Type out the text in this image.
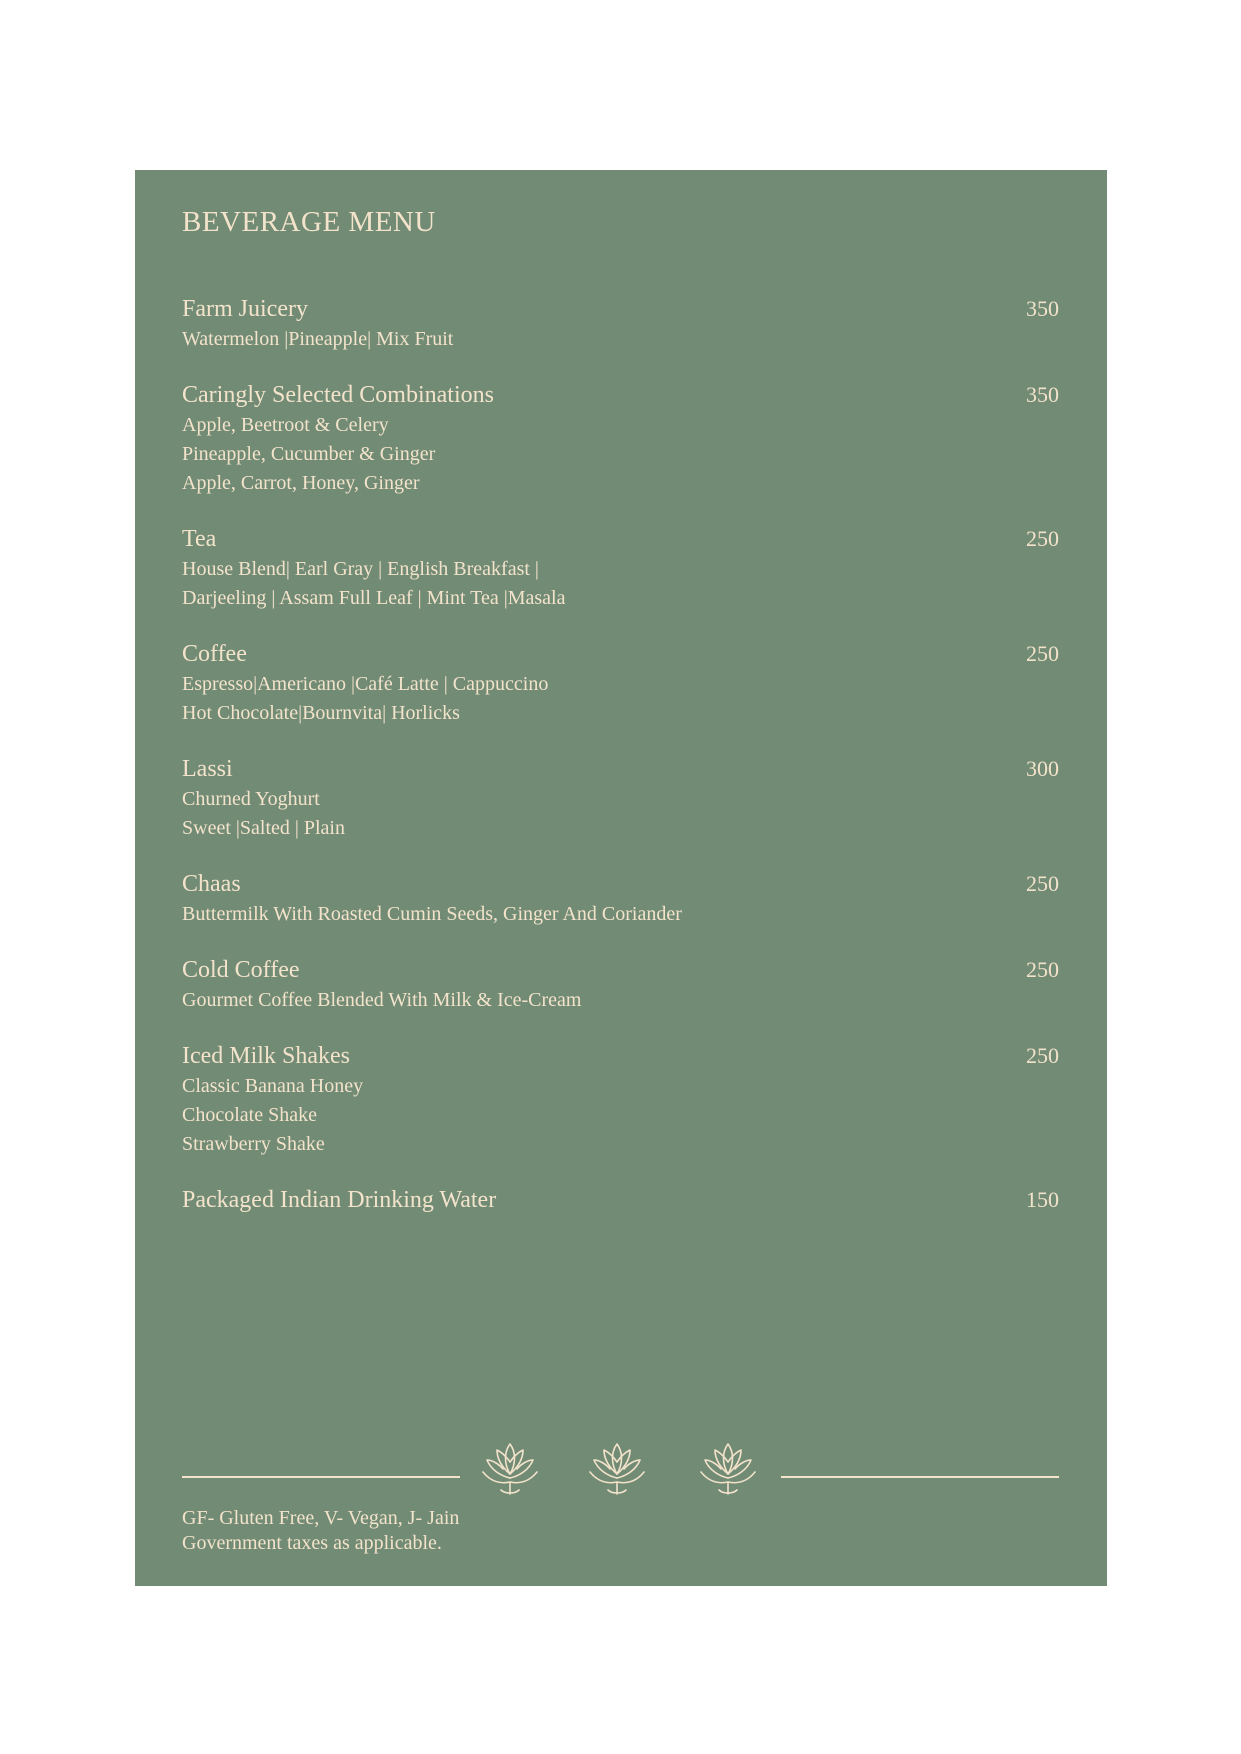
BEVERAGE MENU
Farm Juicery	350
Watermelon |Pineapple| Mix Fruit
Caringly Selected Combinations	350
Apple, Beetroot & Celery
Pineapple, Cucumber & Ginger
Apple, Carrot, Honey, Ginger
Tea	250
House Blend| Earl Gray | English Breakfast |
Darjeeling | Assam Full Leaf | Mint Tea |Masala
Coffee	250
Espresso|Americano |Café Latte | Cappuccino
Hot Chocolate|Bournvita| Horlicks
Lassi	300
Churned Yoghurt
Sweet |Salted | Plain
Chaas	250
Buttermilk With Roasted Cumin Seeds, Ginger And Coriander
Cold Coffee	250
Gourmet Coffee Blended With Milk & Ice-Cream
Iced Milk Shakes	250
Classic Banana Honey
Chocolate Shake
Strawberry Shake
Packaged Indian Drinking Water	150
GF- Gluten Free, V- Vegan, J- Jain
Government taxes as applicable.
